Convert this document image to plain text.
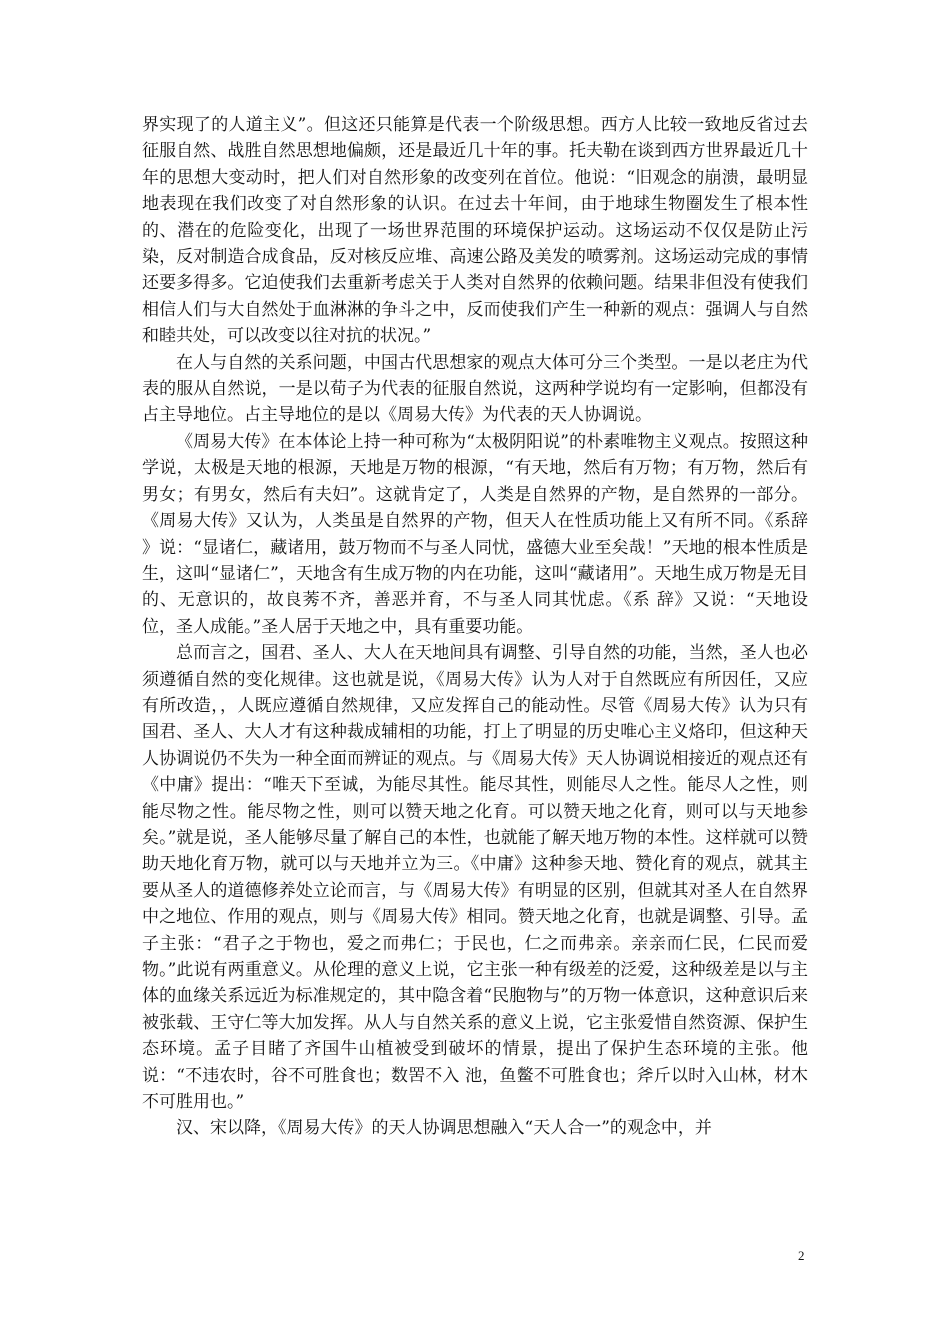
界实现了的人道主义”。但这还只能算是代表一个阶级思想。西方人比较一致地反省过去征服自然、战胜自然思想地偏颇，还是最近几十年的事。托夫勒在谈到西方世界最近几十年的思想大变动时，把人们对自然形象的改变列在首位。他说：“旧观念的崩溃，最明显地表现在我们改变了对自然形象的认识。在过去十年间，由于地球生物圈发生了根本性的、潜在的危险变化，出现了一场世界范围的环境保护运动。这场运动不仅仅是防止污染，反对制造合成食品，反对核反应堆、高速公路及美发的喷雾剂。这场运动完成的事情还要多得多。它迫使我们去重新考虑关于人类对自然界的依赖问题。结果非但没有使我们相信人们与大自然处于血淋淋的争斗之中，反而使我们产生一种新的观点：强调人与自然和睦共处，可以改变以往对抗的状况。”

在人与自然的关系问题，中国古代思想家的观点大体可分三个类型。一是以老庄为代表的服从自然说，一是以荀子为代表的征服自然说，这两种学说均有一定影响，但都没有占主导地位。占主导地位的是以《周易大传》为代表的天人协调说。

《周易大传》在本体论上持一种可称为“太极阴阳说”的朴素唯物主义观点。按照这种学说，太极是天地的根源，天地是万物的根源，“有天地，然后有万物；有万物，然后有男女；有男女，然后有夫妇”。这就肯定了，人类是自然界的产物，是自然界的一部分。《周易大传》又认为，人类虽是自然界的产物，但天人在性质功能上又有所不同。《系辞 》说：“显诸仁，藏诸用，鼓万物而不与圣人同忧，盛德大业至矣哉！”天地的根本性质是生，这叫“显诸仁”，天地含有生成万物的内在功能，这叫“藏诸用”。天地生成万物是无目的、无意识的，故良莠不齐，善恶并育，不与圣人同其忧虑。《系 辞》又说：“天地设位，圣人成能。”圣人居于天地之中，具有重要功能。

总而言之，国君、圣人、大人在天地间具有调整、引导自然的功能，当然，圣人也必须遵循自然的变化规律。这也就是说，《周易大传》认为人对于自然既应有所因任，又应有所改造，，人既应遵循自然规律，又应发挥自己的能动性。尽管《周易大传》认为只有国君、圣人、大人才有这种裁成辅相的功能，打上了明显的历史唯心主义烙印，但这种天人协调说仍不失为一种全面而辨证的观点。与《周易大传》天人协调说相接近的观点还有《中庸》提出：“唯天下至诚，为能尽其性。能尽其性，则能尽人之性。能尽人之性，则能尽物之性。能尽物之性，则可以赞天地之化育。可以赞天地之化育，则可以与天地参矣。”就是说，圣人能够尽量了解自己的本性，也就能了解天地万物的本性。这样就可以赞助天地化育万物，就可以与天地并立为三。《中庸》这种参天地、赞化育的观点，就其主要从圣人的道德修养处立论而言，与《周易大传》有明显的区别，但就其对圣人在自然界中之地位、作用的观点，则与《周易大传》相同。赞天地之化育，也就是调整、引导。孟子主张：“君子之于物也，爱之而弗仁；于民也，仁之而弗亲。亲亲而仁民，仁民而爱物。”此说有两重意义。从伦理的意义上说，它主张一种有级差的泛爱，这种级差是以与主体的血缘关系远近为标准规定的，其中隐含着“民胞物与”的万物一体意识，这种意识后来被张载、王守仁等大加发挥。从人与自然关系的意义上说，它主张爱惜自然资源、保护生态环境。孟子目睹了齐国牛山植被受到破坏的情景，提出了保护生态环境的主张。他说：“不违农时，谷不可胜食也；数罟不入 池，鱼鳖不可胜食也；斧斤以时入山林，材木不可胜用也。”

汉、宋以降，《周易大传》的天人协调思想融入“天人合一”的观念中，并

2
